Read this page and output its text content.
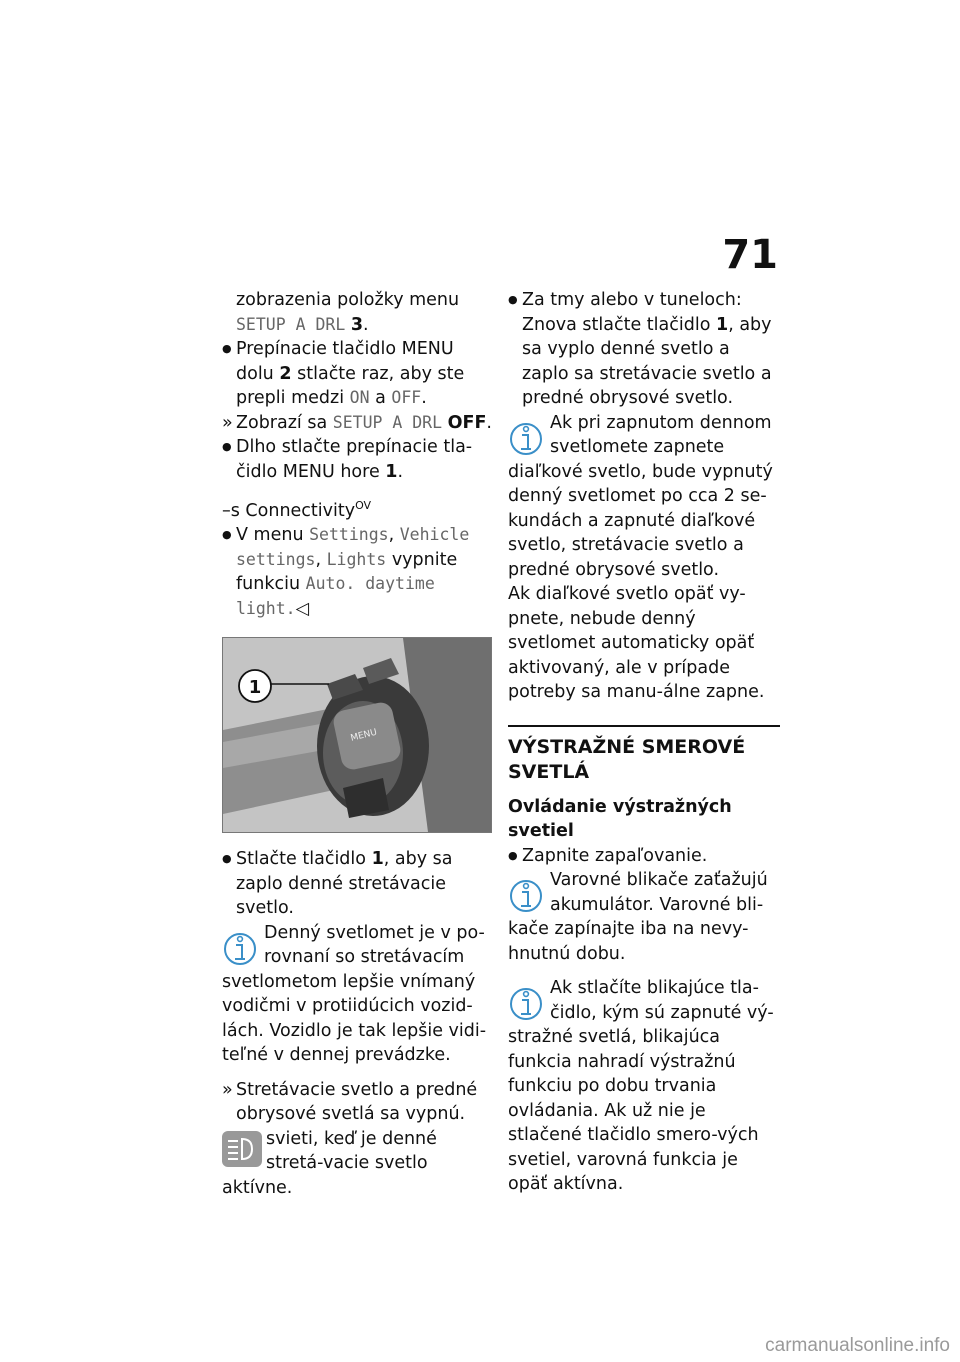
71

zobrazenia položky menu
SETUP A DRL 3.

● Prepínacie tlačidlo MENU dolu 2 stlačte raz, aby ste prepli medzi ON a OFF.

» Zobrazí sa SETUP A DRL OFF.

● Dlho stlačte prepínacie tla-čidlo MENU hore 1.

–s Connectivity$^{OV}$

● V menu Settings, Vehicle settings, Lights vypnite funkciu Auto. daytime light.◁

MENU
1

● Stlačte tlačidlo 1, aby sa zaplo denné stretávacie svetlo.

Denný svetlomet je v po-rovnaní so stretávacím svetlometom lepšie vnímaný vodičmi v protiidúcich vozid-lách. Vozidlo je tak lepšie vidi-teľné v dennej prevádzke.

» Stretávacie svetlo a predné obrysové svetlá sa vypnú.

svieti, keď je denné stretá-vacie svetlo aktívne.

● Za tmy alebo v tuneloch: Znova stlačte tlačidlo 1, aby sa vyplo denné svetlo a zaplo sa stretávacie svetlo a predné obrysové svetlo.

Ak pri zapnutom dennom svetlomete zapnete diaľkové svetlo, bude vypnutý denný svetlomet po cca 2 se-kundách a zapnuté diaľkové svetlo, stretávacie svetlo a predné obrysové svetlo.

Ak diaľkové svetlo opäť vy-pnete, nebude denný svetlomet automaticky opäť aktivovaný, ale v prípade potreby sa manu-álne zapne.

VÝSTRAŽNÉ SMEROVÉ SVETLÁ

Ovládanie výstražných svetiel

● Zapnite zapaľovanie.

Varovné blikače zaťažujú akumulátor. Varovné bli-kače zapínajte iba na nevy-hnutnú dobu.

Ak stlačíte blikajúce tla-čidlo, kým sú zapnuté vý-stražné svetlá, blikajúca funkcia nahradí výstražnú funkciu po dobu trvania ovládania. Ak už nie je stlačené tlačidlo smero-vých svetiel, varovná funkcia je opäť aktívna.

carmanualsonline.info
